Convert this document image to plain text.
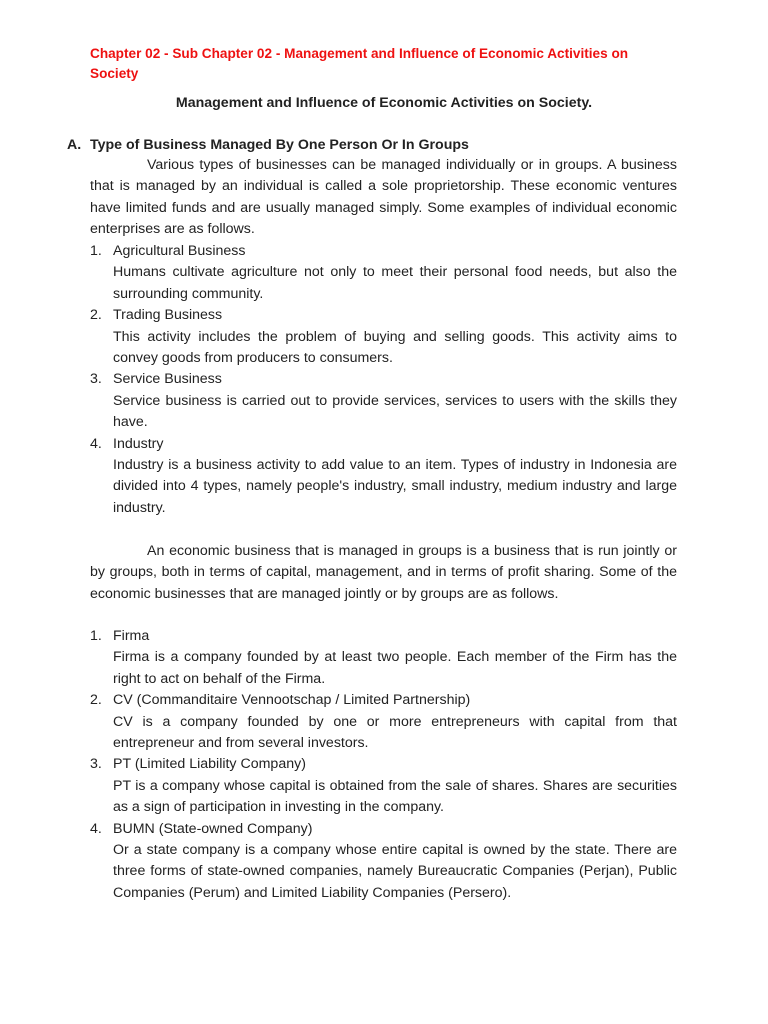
Chapter 02 - Sub Chapter 02 - Management and Influence of Economic Activities on Society
Management and Influence of Economic Activities on Society.
A. Type of Business Managed By One Person Or In Groups

Various types of businesses can be managed individually or in groups. A business that is managed by an individual is called a sole proprietorship. These economic ventures have limited funds and are usually managed simply. Some examples of individual economic enterprises are as follows.

1. Agricultural Business
Humans cultivate agriculture not only to meet their personal food needs, but also the surrounding community.
2. Trading Business
This activity includes the problem of buying and selling goods. This activity aims to convey goods from producers to consumers.
3. Service Business
Service business is carried out to provide services, services to users with the skills they have.
4. Industry
Industry is a business activity to add value to an item. Types of industry in Indonesia are divided into 4 types, namely people's industry, small industry, medium industry and large industry.

An economic business that is managed in groups is a business that is run jointly or by groups, both in terms of capital, management, and in terms of profit sharing. Some of the economic businesses that are managed jointly or by groups are as follows.

1. Firma
Firma is a company founded by at least two people. Each member of the Firm has the right to act on behalf of the Firma.
2. CV (Commanditaire Vennootschap / Limited Partnership)
CV is a company founded by one or more entrepreneurs with capital from that entrepreneur and from several investors.
3. PT (Limited Liability Company)
PT is a company whose capital is obtained from the sale of shares. Shares are securities as a sign of participation in investing in the company.
4. BUMN (State-owned Company)
Or a state company is a company whose entire capital is owned by the state. There are three forms of state-owned companies, namely Bureaucratic Companies (Perjan), Public Companies (Perum) and Limited Liability Companies (Persero).
